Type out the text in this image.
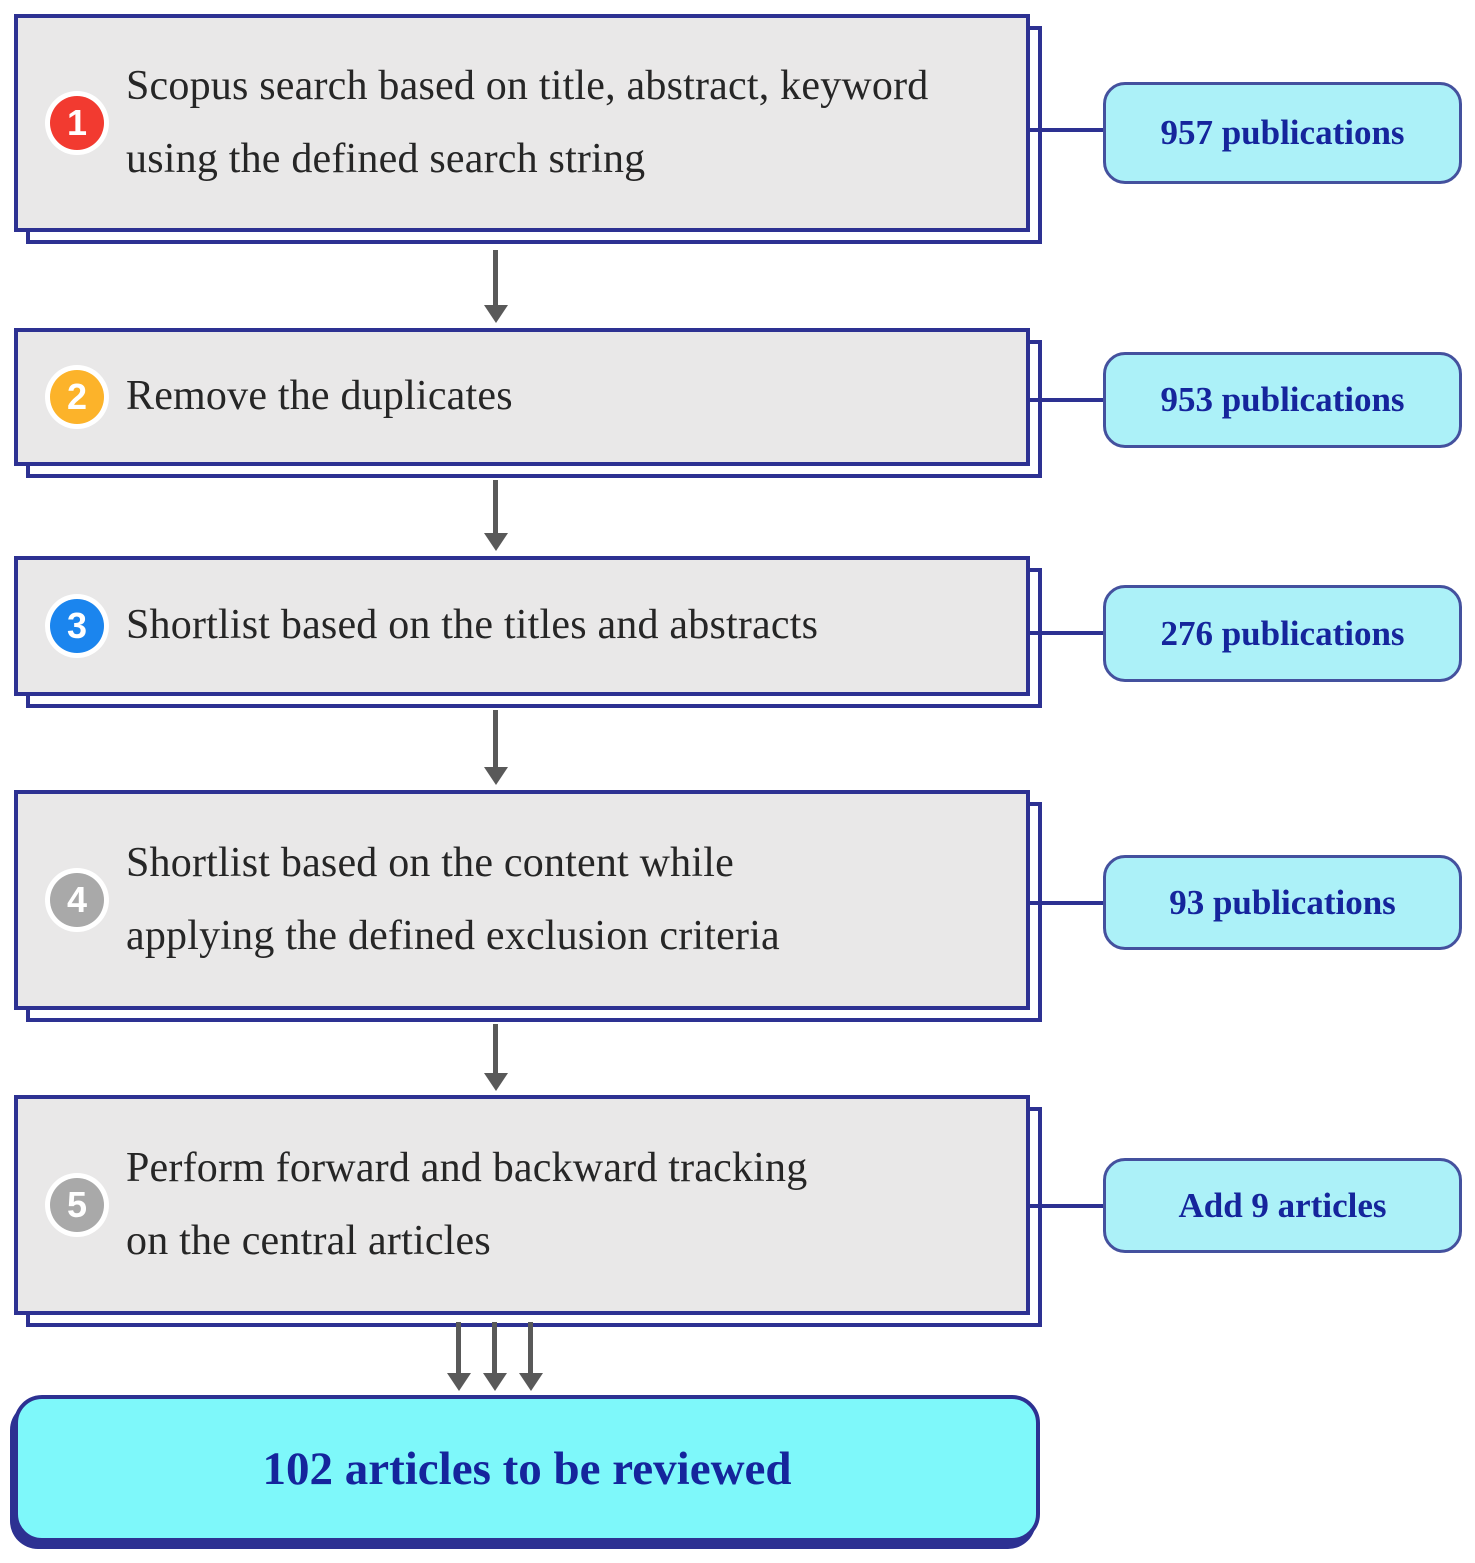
1
Scopus search based on title, abstract, keyword using the defined search string
957 publications
2 Remove the duplicates	953 publications
3 Shortlist based on the titles and abstracts	276 publications
4
Shortlist based on the content while applying the defined exclusion criteria
93 publications
5
Perform forward and backward tracking on the central articles
Add 9 articles
102 articles to be reviewed
